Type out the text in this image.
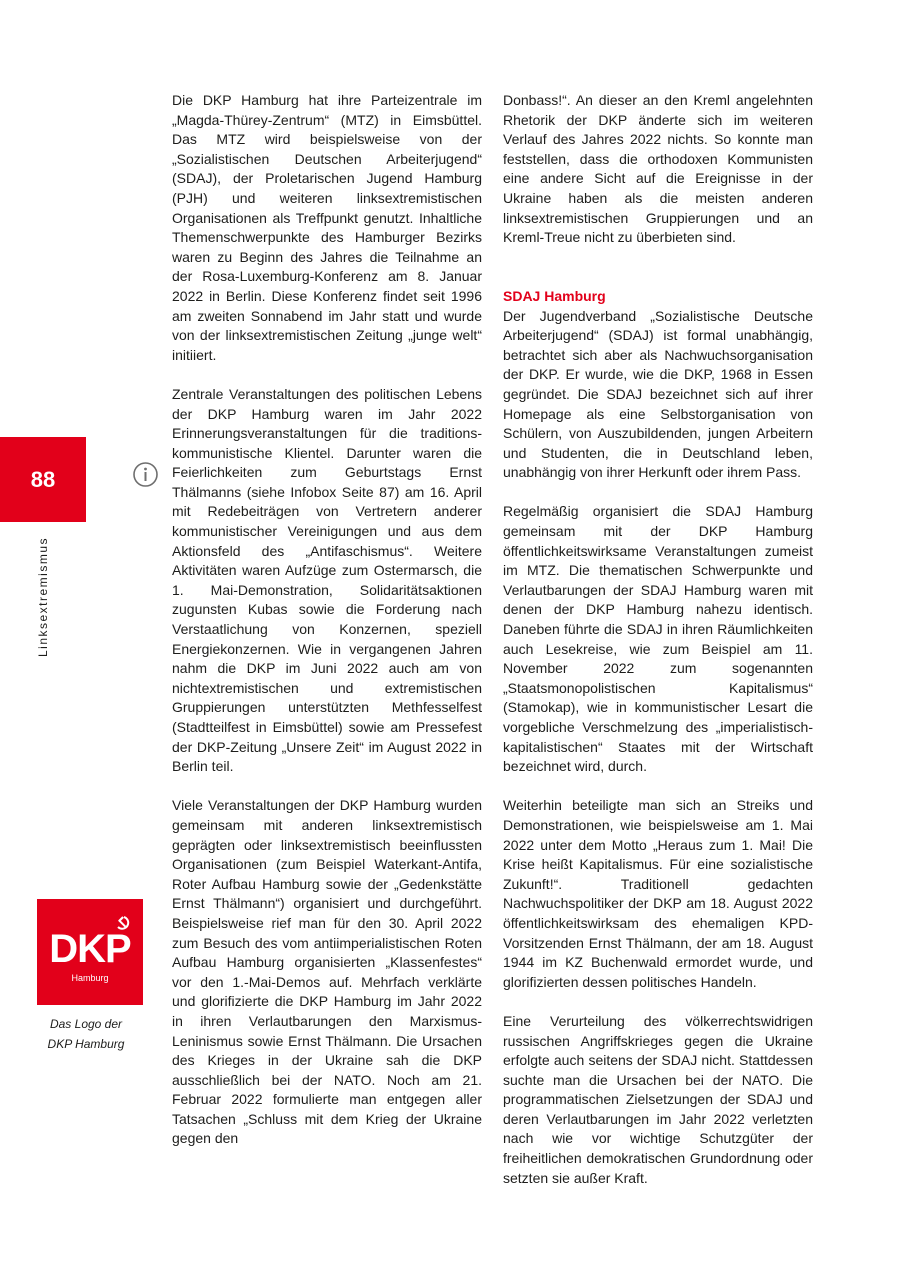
88
Linksextremismus
DKP
Hamburg
Das Logo der
DKP Hamburg

Die DKP Hamburg hat ihre Parteizentrale im „Magda-Thürey-Zentrum“ (MTZ) in Eimsbüttel. Das MTZ wird beispielsweise von der „Sozialistischen Deutschen Arbeiterjugend“ (SDAJ), der Proletarischen Jugend Hamburg (PJH) und weiteren linksextremistischen Organisationen als Treffpunkt genutzt. Inhaltliche Themenschwerpunkte des Hamburger Bezirks waren zu Beginn des Jahres die Teilnahme an der Rosa-Luxemburg-Konferenz am 8. Januar 2022 in Berlin. Diese Konferenz findet seit 1996 am zweiten Sonnabend im Jahr statt und wurde von der linksextremistischen Zeitung „junge welt“ initiiert.

Zentrale Veranstaltungen des politischen Lebens der DKP Hamburg waren im Jahr 2022 Erinnerungsveranstaltungen für die traditions-kommunistische Klientel. Darunter waren die Feierlichkeiten zum Geburtstags Ernst Thälmanns (siehe Infobox Seite 87) am 16. April mit Redebeiträgen von Vertretern anderer kommunistischer Vereinigungen und aus dem Aktionsfeld des „Antifaschismus“. Weitere Aktivitäten waren Aufzüge zum Ostermarsch, die 1. Mai-Demonstration, Solidaritätsaktionen zugunsten Kubas sowie die Forderung nach Verstaatlichung von Konzernen, speziell Energiekonzernen. Wie in vergangenen Jahren nahm die DKP im Juni 2022 auch am von nichtextremistischen und extremistischen Gruppierungen unterstützten Methfesselfest (Stadtteilfest in Eimsbüttel) sowie am Pressefest der DKP-Zeitung „Unsere Zeit“ im August 2022 in Berlin teil.

Viele Veranstaltungen der DKP Hamburg wurden gemeinsam mit anderen linksextremistisch geprägten oder linksextremistisch beeinflussten Organisationen (zum Beispiel Waterkant-Antifa, Roter Aufbau Hamburg sowie der „Gedenkstätte Ernst Thälmann“) organisiert und durchgeführt. Beispielsweise rief man für den 30. April 2022 zum Besuch des vom antiimperialistischen Roten Aufbau Hamburg organisierten „Klassenfestes“ vor den 1.-Mai-Demos auf. Mehrfach verklärte und glorifizierte die DKP Hamburg im Jahr 2022 in ihren Verlautbarungen den Marxismus-Leninismus sowie Ernst Thälmann. Die Ursachen des Krieges in der Ukraine sah die DKP ausschließlich bei der NATO. Noch am 21. Februar 2022 formulierte man entgegen aller Tatsachen „Schluss mit dem Krieg der Ukraine gegen den

Donbass!“. An dieser an den Kreml angelehnten Rhetorik der DKP änderte sich im weiteren Verlauf des Jahres 2022 nichts. So konnte man feststellen, dass die orthodoxen Kommunisten eine andere Sicht auf die Ereignisse in der Ukraine haben als die meisten anderen linksextremistischen Gruppierungen und an Kreml-Treue nicht zu überbieten sind.

SDAJ Hamburg

Der Jugendverband „Sozialistische Deutsche Arbeiterjugend“ (SDAJ) ist formal unabhängig, betrachtet sich aber als Nachwuchsorganisation der DKP. Er wurde, wie die DKP, 1968 in Essen gegründet. Die SDAJ bezeichnet sich auf ihrer Homepage als eine Selbstorganisation von Schülern, von Auszubildenden, jungen Arbeitern und Studenten, die in Deutschland leben, unabhängig von ihrer Herkunft oder ihrem Pass.

Regelmäßig organisiert die SDAJ Hamburg gemeinsam mit der DKP Hamburg öffentlichkeitswirksame Veranstaltungen zumeist im MTZ. Die thematischen Schwerpunkte und Verlautbarungen der SDAJ Hamburg waren mit denen der DKP Hamburg nahezu identisch. Daneben führte die SDAJ in ihren Räumlichkeiten auch Lesekreise, wie zum Beispiel am 11. November 2022 zum sogenannten „Staatsmonopolistischen Kapitalismus“ (Stamokap), wie in kommunistischer Lesart die vorgebliche Verschmelzung des „imperialistisch-kapitalistischen“ Staates mit der Wirtschaft bezeichnet wird, durch.

Weiterhin beteiligte man sich an Streiks und Demonstrationen, wie beispielsweise am 1. Mai 2022 unter dem Motto „Heraus zum 1. Mai! Die Krise heißt Kapitalismus. Für eine sozialistische Zukunft!“. Traditionell gedachten Nachwuchspolitiker der DKP am 18. August 2022 öffentlichkeitswirksam des ehemaligen KPD-Vorsitzenden Ernst Thälmann, der am 18. August 1944 im KZ Buchenwald ermordet wurde, und glorifizierten dessen politisches Handeln.

Eine Verurteilung des völkerrechtswidrigen russischen Angriffskrieges gegen die Ukraine erfolgte auch seitens der SDAJ nicht. Stattdessen suchte man die Ursachen bei der NATO. Die programmatischen Zielsetzungen der SDAJ und deren Verlautbarungen im Jahr 2022 verletzten nach wie vor wichtige Schutzgüter der freiheitlichen demokratischen Grundordnung oder setzten sie außer Kraft.
